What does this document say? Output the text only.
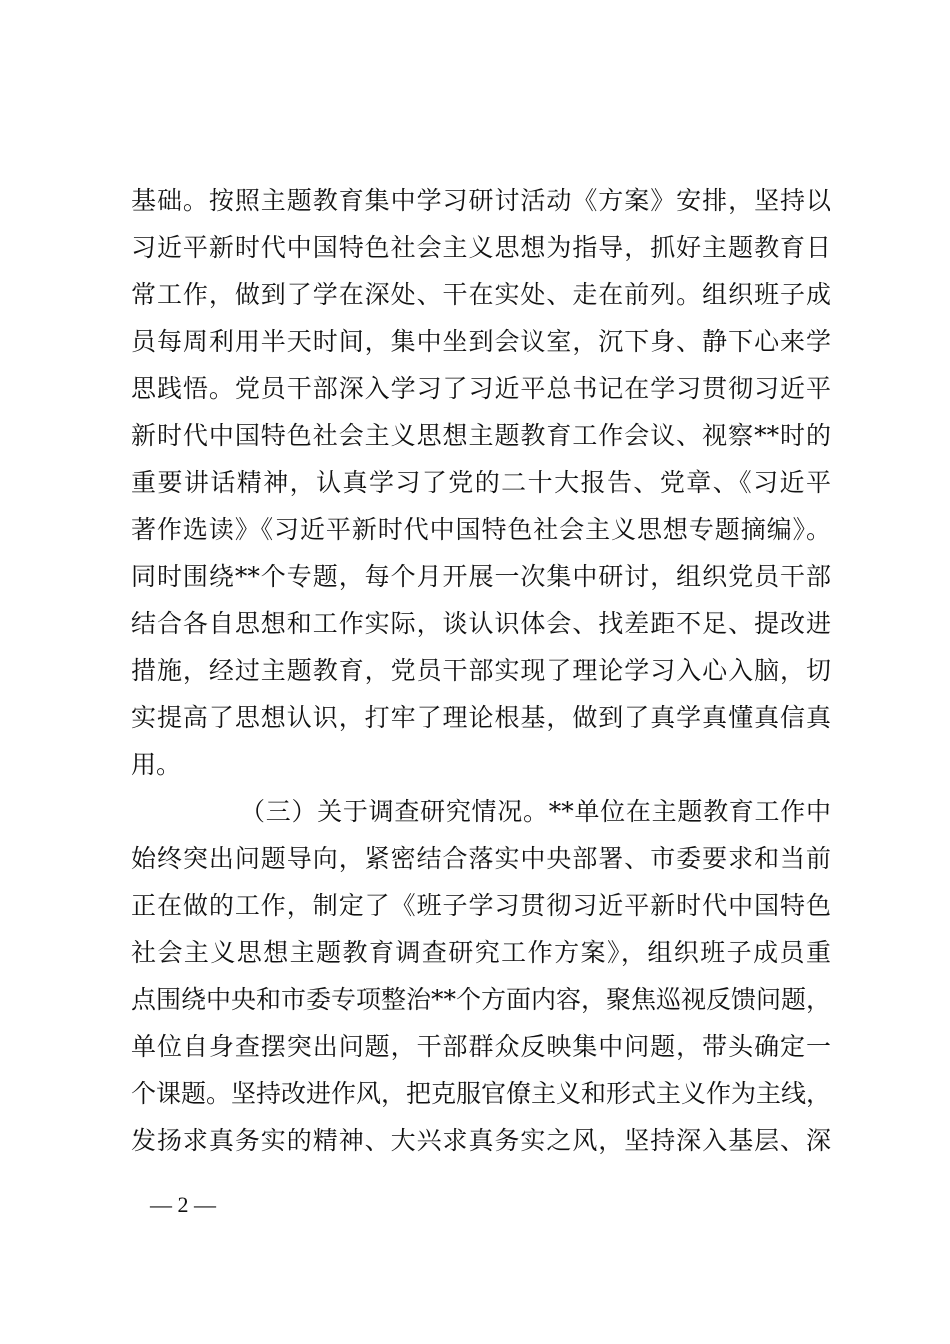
基础。按照主题教育集中学习研讨活动《方案》安排，坚持以
习近平新时代中国特色社会主义思想为指导，抓好主题教育日
常工作，做到了学在深处、干在实处、走在前列。组织班子成
员每周利用半天时间，集中坐到会议室，沉下身、静下心来学
思践悟。党员干部深入学习了习近平总书记在学习贯彻习近平
新时代中国特色社会主义思想主题教育工作会议、视察**时的
重要讲话精神，认真学习了党的二十大报告、党章、《习近平
著作选读》《习近平新时代中国特色社会主义思想专题摘编》。
同时围绕**个专题，每个月开展一次集中研讨，组织党员干部
结合各自思想和工作实际，谈认识体会、找差距不足、提改进
措施，经过主题教育，党员干部实现了理论学习入心入脑，切
实提高了思想认识，打牢了理论根基，做到了真学真懂真信真
用。
（三）关于调查研究情况。**单位在主题教育工作中
始终突出问题导向，紧密结合落实中央部署、市委要求和当前
正在做的工作，制定了《班子学习贯彻习近平新时代中国特色
社会主义思想主题教育调查研究工作方案》，组织班子成员重
点围绕中央和市委专项整治**个方面内容，聚焦巡视反馈问题，
单位自身查摆突出问题，干部群众反映集中问题，带头确定一
个课题。坚持改进作风，把克服官僚主义和形式主义作为主线，
发扬求真务实的精神、大兴求真务实之风，坚持深入基层、深
— 2 —
